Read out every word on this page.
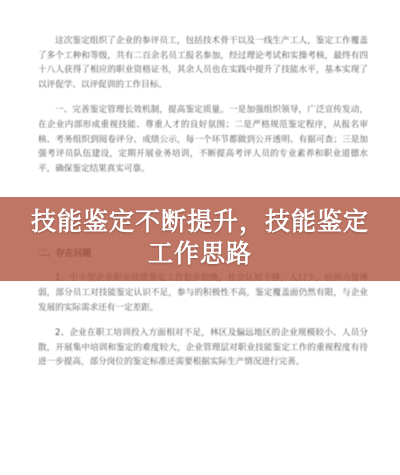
这次鉴定组织了企业的参评员工，包括技术骨干以及一线生产工人，鉴定工作覆盖了多个工种和等级，共有二百余名员工报名参加，经过理论考试和实操考核，最终有四十八人获得了相应的职业资格证书，其余人员也在实践中提升了技能水平，基本实现了以评促学、以评促训的工作目标。

一、完善鉴定管理长效机制，提高鉴定质量。一是加强组织领导，广泛宣传发动，在企业内部形成重视技能、尊重人才的良好氛围；二是严格规范鉴定程序，从报名审核、考务组织到阅卷评分、成绩公示，每一个环节都做到公开透明、有据可查；三是加强考评员队伍建设，定期开展业务培训，不断提高考评人员的专业素养和职业道德水平，确保鉴定结果真实可靠。

弱，部分员工对技能鉴定认识不足，参与的积极性不高，鉴定覆盖面仍然有限，与企业发展的实际需求还有一定差距。

2、企业在职工培训投入方面相对不足，林区及偏远地区的企业规模较小、人员分散，开展集中培训和鉴定的难度较大，企业管理层对职业技能鉴定工作的重视程度有待进一步提高，部分岗位的鉴定标准还需要根据实际生产情况进行完善。

技能鉴定不断提升，技能鉴定
工作思路
